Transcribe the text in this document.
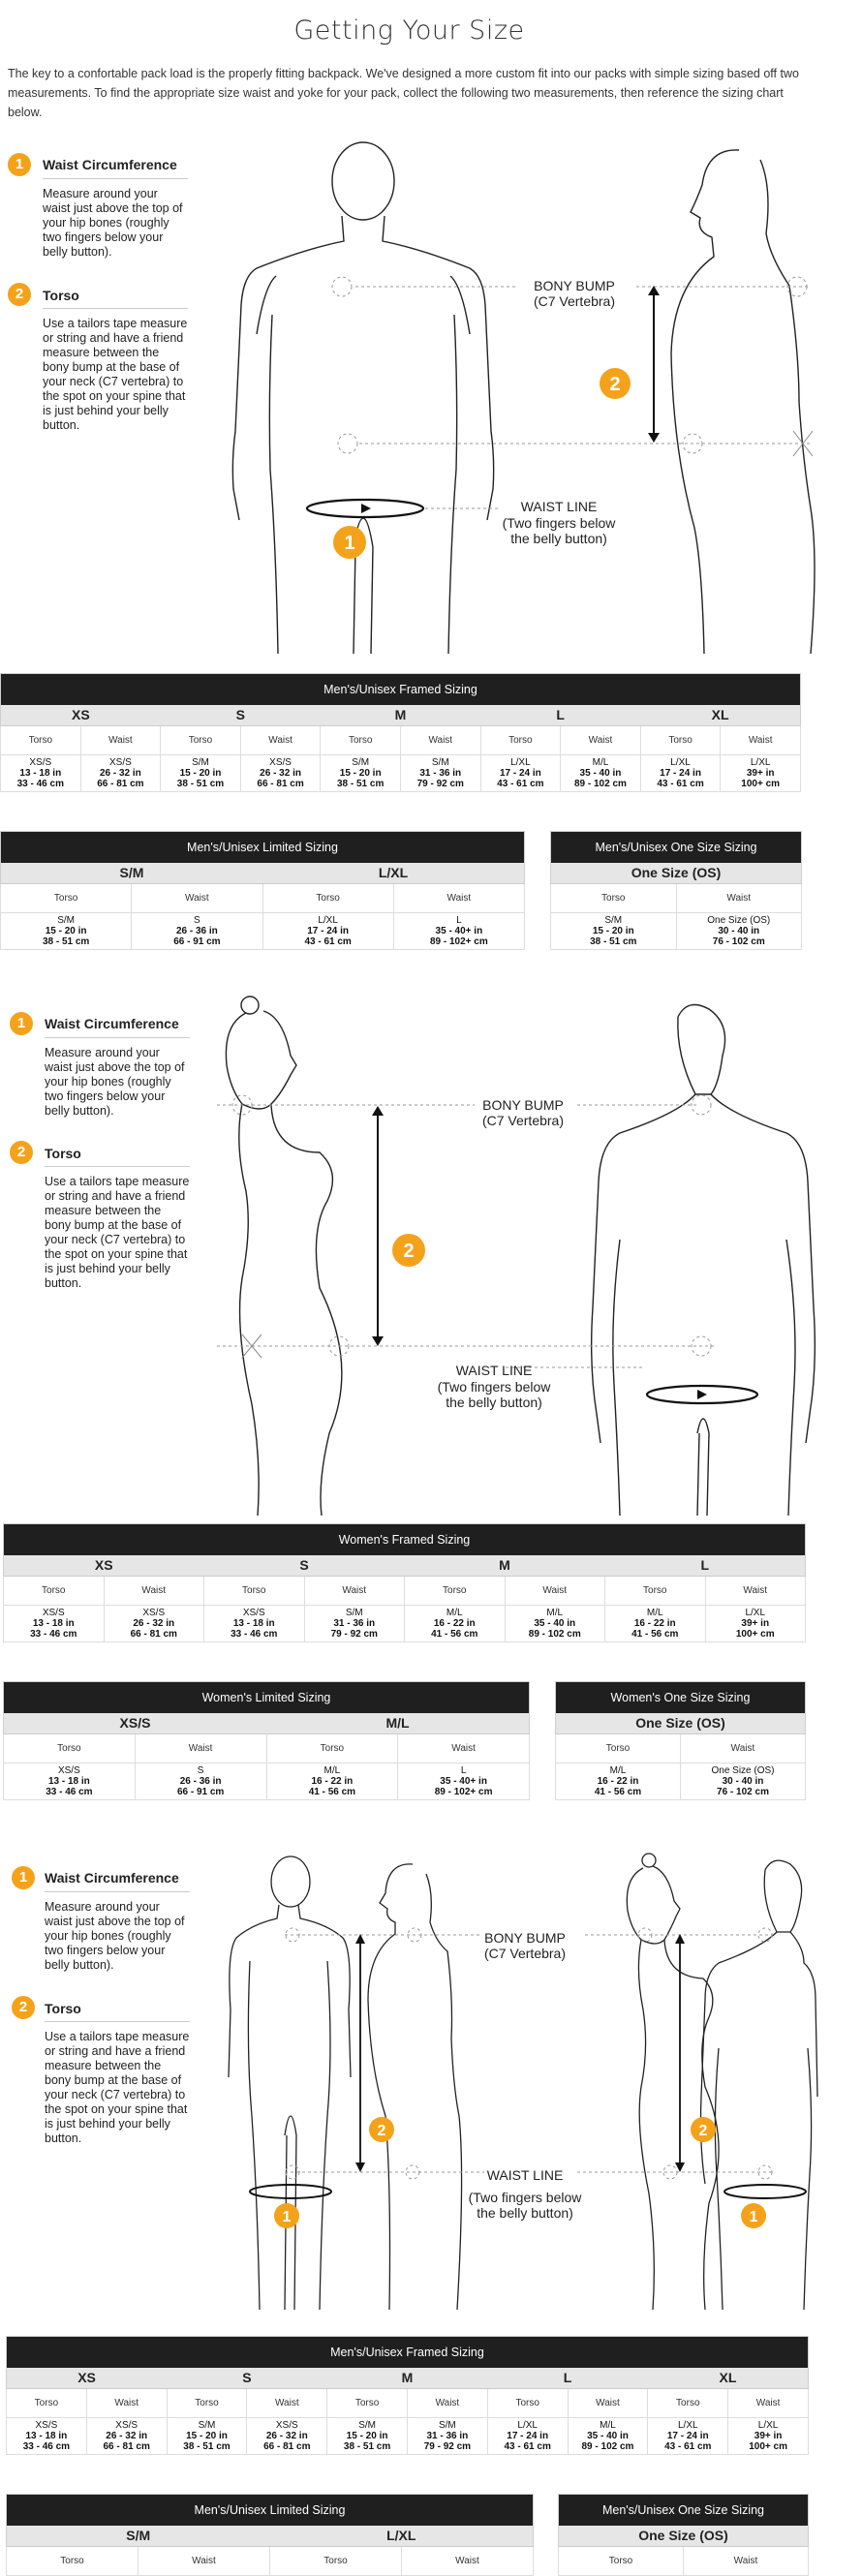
Getting Your Size

The key to a confortable pack load is the properly fitting backpack. We've designed a more custom fit into our packs with simple sizing based off two measurements. To find the appropriate size waist and yoke for your pack, collect the following two measurements, then reference the sizing chart below.

1	Waist Circumference
Measure around your waist just above the top of your hip bones (roughly two fingers below your belly button).
2	Torso
Use a tailors tape measure or string and have a friend measure between the bony bump at the base of your neck (C7 vertebra) to the spot on your spine that is just behind your belly button.
2
1
BONY BUMP
(C7 Vertebra)
WAIST LINE
(Two fingers below
the belly button)
Men's/Unisex Framed Sizing									
XS		S		M		L		XL	
Torso	Waist	Torso	Waist	Torso	Waist	Torso	Waist	Torso	Waist

XS/S
13 - 18 in
33 - 46 cm	XS/S
26 - 32 in
66 - 81 cm	S/M
15 - 20 in
38 - 51 cm	XS/S
26 - 32 in
66 - 81 cm	S/M
15 - 20 in
38 - 51 cm	S/M
31 - 36 in
79 - 92 cm	L/XL
17 - 24 in
43 - 61 cm	M/L
35 - 40 in
89 - 102 cm	L/XL
17 - 24 in
43 - 61 cm	L/XL
39+ in
100+ cm
Men's/Unisex Limited Sizing			
S/M		L/XL	
Torso	Waist	Torso	Waist

S/M
15 - 20 in
38 - 51 cm	S
26 - 36 in
66 - 91 cm	L/XL
17 - 24 in
43 - 61 cm	L
35 - 40+ in
89 - 102+ cm
Men's/Unisex One Size Sizing	
One Size (OS)	
Torso	Waist

S/M
15 - 20 in
38 - 51 cm	One Size (OS)
30 - 40 in
76 - 102 cm
1	Waist Circumference
Measure around your waist just above the top of your hip bones (roughly two fingers below your belly button).
2	Torso
Use a tailors tape measure or string and have a friend measure between the bony bump at the base of your neck (C7 vertebra) to the spot on your spine that is just behind your belly button.
2
BONY BUMP
(C7 Vertebra)
WAIST LINE
(Two fingers below
the belly button)
Women's Framed Sizing							
XS		S		M		L	
Torso	Waist	Torso	Waist	Torso	Waist	Torso	Waist

XS/S
13 - 18 in
33 - 46 cm	XS/S
26 - 32 in
66 - 81 cm	XS/S
13 - 18 in
33 - 46 cm	S/M
31 - 36 in
79 - 92 cm	M/L
16 - 22 in
41 - 56 cm	M/L
35 - 40 in
89 - 102 cm	M/L
16 - 22 in
41 - 56 cm	L/XL
39+ in
100+ cm
Women's Limited Sizing			
XS/S		M/L	
Torso	Waist	Torso	Waist

XS/S
13 - 18 in
33 - 46 cm	S
26 - 36 in
66 - 91 cm	M/L
16 - 22 in
41 - 56 cm	L
35 - 40+ in
89 - 102+ cm
Women's One Size Sizing	
One Size (OS)	
Torso	Waist

M/L
16 - 22 in
41 - 56 cm	One Size (OS)
30 - 40 in
76 - 102 cm
1	Waist Circumference
Measure around your waist just above the top of your hip bones (roughly two fingers below your belly button).
2	Torso
Use a tailors tape measure or string and have a friend measure between the bony bump at the base of your neck (C7 vertebra) to the spot on your spine that is just behind your belly button.	2	2
1	1
BONY BUMP
(C7 Vertebra)
WAIST LINE
(Two fingers below
the belly button)
Men's/Unisex Framed Sizing									
XS		S		M		L		XL	
Torso	Waist	Torso	Waist	Torso	Waist	Torso	Waist	Torso	Waist

XS/S
13 - 18 in
33 - 46 cm	XS/S
26 - 32 in
66 - 81 cm	S/M
15 - 20 in
38 - 51 cm	XS/S
26 - 32 in
66 - 81 cm	S/M
15 - 20 in
38 - 51 cm	S/M
31 - 36 in
79 - 92 cm	L/XL
17 - 24 in
43 - 61 cm	M/L
35 - 40 in
89 - 102 cm	L/XL
17 - 24 in
43 - 61 cm	L/XL
39+ in
100+ cm
Men's/Unisex Limited Sizing			
S/M		L/XL	
Torso	Waist	Torso	Waist
Men's/Unisex One Size Sizing
One Size (OS)
Torso	Waist
